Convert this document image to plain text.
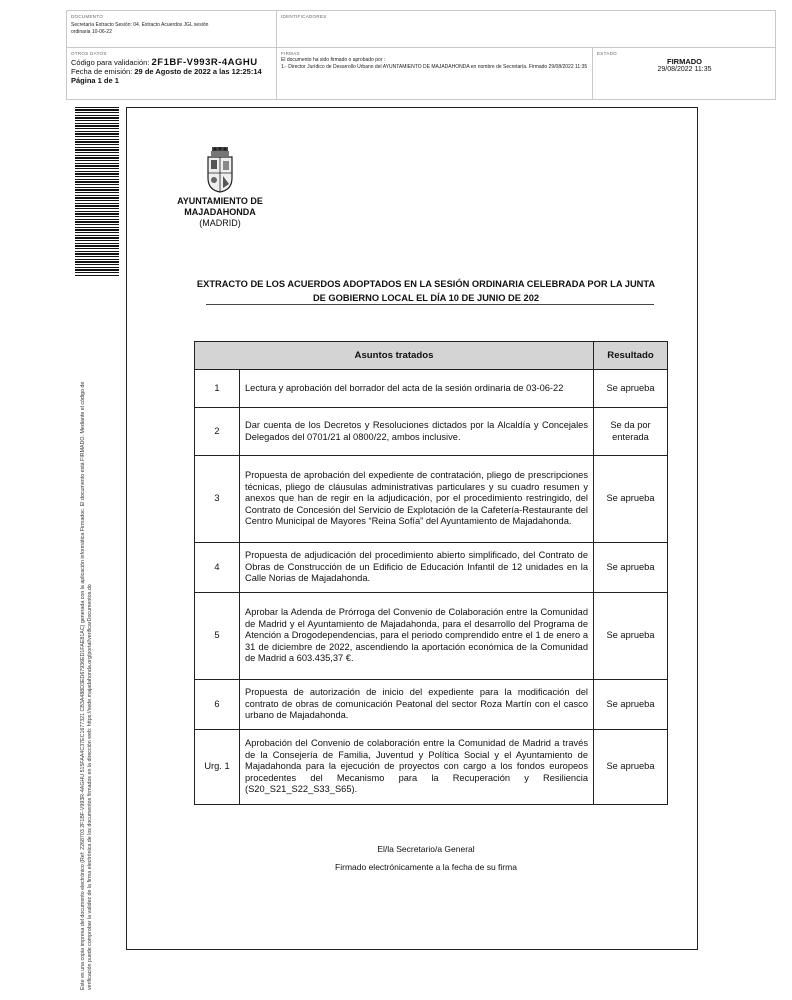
DOCUMENTO
Secretaría Extracto Sesión: 04. Extracto Acuerdos JGL sesión ordinaria 10-06-22
IDENTIFICADORES
OTROS DATOS
Código para validación: 2F1BF-V993R-4AGHU
Fecha de emisión: 29 de Agosto de 2022 a las 12:25:14
Página 1 de 1
FIRMAS
El documento ha sido firmado o aprobado por :
1.- Director Jurídico de Desarrollo Urbano del AYUNTAMIENTO DE MAJADAHONDA en nombre de Secretaría. Firmado 29/08/2022 11:35
ESTADO
FIRMADO
29/08/2022 11:35
Este es una copia impresa del documento electrónico (Ref: 2268703 2F1BF-V993R-4AGHU 515FAA4C37EC1677321 CB3A488D3ED67936ED1FAE81AC) generada con la aplicación informática Firmadoc. El documento está FIRMADO. Mediante el código de verificación puede comprobar la validez de la firma electrónica de los documentos firmados en la dirección web: https://sede.majadahonda.org/portal/verificarDocumentos.do
AYUNTAMIENTO DE
MAJADAHONDA
(MADRID)
EXTRACTO DE LOS ACUERDOS ADOPTADOS EN LA SESIÓN ORDINARIA CELEBRADA POR LA JUNTA DE GOBIERNO LOCAL EL DÍA 10 DE JUNIO DE 202
Asuntos tratados		Resultado
1	Lectura y aprobación del borrador del acta de la sesión ordinaria de 03-06-22	Se aprueba
2	Dar cuenta de los Decretos y Resoluciones dictados por la Alcaldía y Concejales Delegados del 0701/21 al 0800/22, ambos inclusive.	Se da por enterada
3	Propuesta de aprobación del expediente de contratación, pliego de prescripciones técnicas, pliego de cláusulas administrativas particulares y su cuadro resumen y anexos que han de regir en la adjudicación, por el procedimiento restringido, del Contrato de Concesión del Servicio de Explotación de la Cafetería-Restaurante del Centro Municipal de Mayores “Reina Sofía” del Ayuntamiento de Majadahonda.	Se aprueba
4	Propuesta de adjudicación del procedimiento abierto simplificado, del Contrato de Obras de Construcción de un Edificio de Educación Infantil de 12 unidades en la Calle Norias de Majadahonda.	Se aprueba
5	Aprobar la Adenda de Prórroga del Convenio de Colaboración entre la Comunidad de Madrid y el Ayuntamiento de Majadahonda, para el desarrollo del Programa de Atención a Drogodependencias, para el periodo comprendido entre el 1 de enero a 31 de diciembre de 2022, ascendiendo la aportación económica de la Comunidad de Madrid a 603.435,37 €.	Se aprueba
6	Propuesta de autorización de inicio del expediente para la modificación del contrato de obras de comunicación Peatonal del sector Roza Martín con el casco urbano de Majadahonda.	Se aprueba
Urg. 1	Aprobación del Convenio de colaboración entre la Comunidad de Madrid a través de la Consejería de Familia, Juventud y Política Social y el Ayuntamiento de Majadahonda para la ejecución de proyectos con cargo a los fondos europeos procedentes del Mecanismo para la Recuperación y Resiliencia (S20_S21_S22_S33_S65).	Se aprueba
El/la Secretario/a General
Firmado electrónicamente a la fecha de su firma
